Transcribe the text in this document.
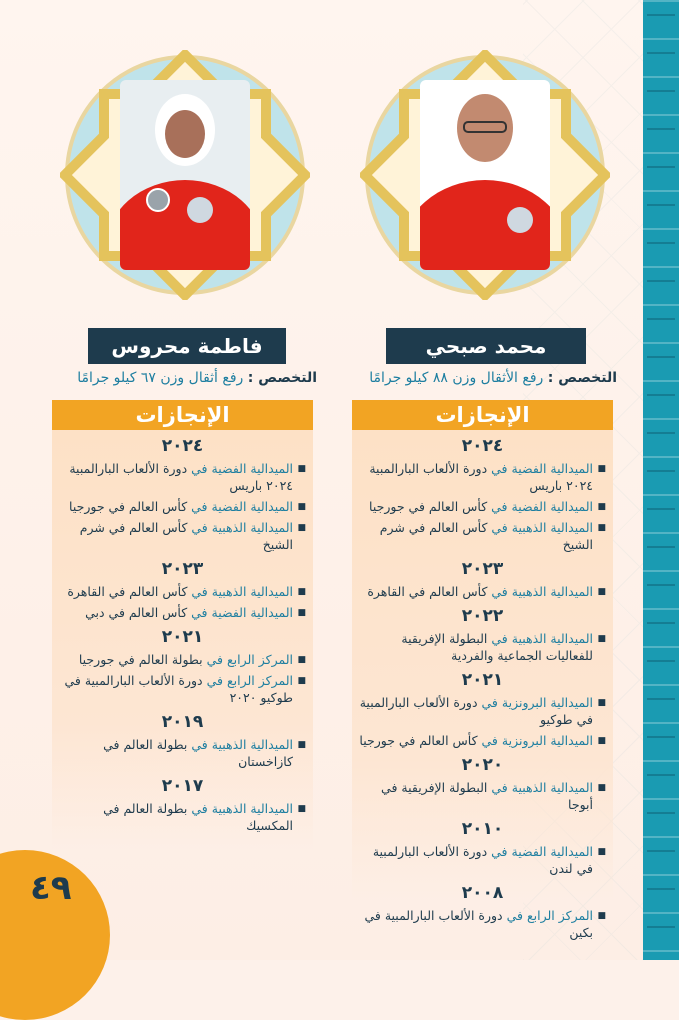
فاطمة محروس
التخصص : رفع أثقال وزن ٦٧ كيلو جرامًا
الإنجازات
٢٠٢٤
■ الميدالية الفضية في دورة الألعاب البارالمبية ٢٠٢٤ باريس
■ الميدالية الفضية في كأس العالم في جورجيا
■ الميدالية الذهبية في كأس العالم في شرم الشيخ
٢٠٢٣
■ الميدالية الذهبية في كأس العالم في القاهرة
■ الميدالية الفضية في كأس العالم في دبي
٢٠٢١
■ المركز الرابع في بطولة العالم في جورجيا
■ المركز الرابع في دورة الألعاب البارالمبية في طوكيو ٢٠٢٠
٢٠١٩
■ الميدالية الذهبية في بطولة العالم في كازاخستان
٢٠١٧
■ الميدالية الذهبية في بطولة العالم في المكسيك
محمد صبحي
التخصص : رفع الأثقال وزن ٨٨ كيلو جرامًا
الإنجازات
٢٠٢٤
■ الميدالية الفضية في دورة الألعاب البارالمبية ٢٠٢٤ باريس
■ الميدالية الفضية في كأس العالم في جورجيا
■ الميدالية الذهبية في كأس العالم في شرم الشيخ
٢٠٢٣
■ الميدالية الذهبية في كأس العالم في القاهرة
٢٠٢٢
■ الميدالية الذهبية في البطولة الإفريقية للفعاليات الجماعية والفردية
٢٠٢١
■ الميدالية البرونزية في دورة الألعاب البارالمبية في طوكيو
■ الميدالية البرونزية في كأس العالم في جورجيا
٢٠٢٠
■ الميدالية الذهبية في البطولة الإفريقية في أبوجا
٢٠١٠
■ الميدالية الفضية في دورة الألعاب البارلمبية في لندن
٢٠٠٨
■ المركز الرابع في دورة الألعاب البارالمبية في بكين
٤٩
